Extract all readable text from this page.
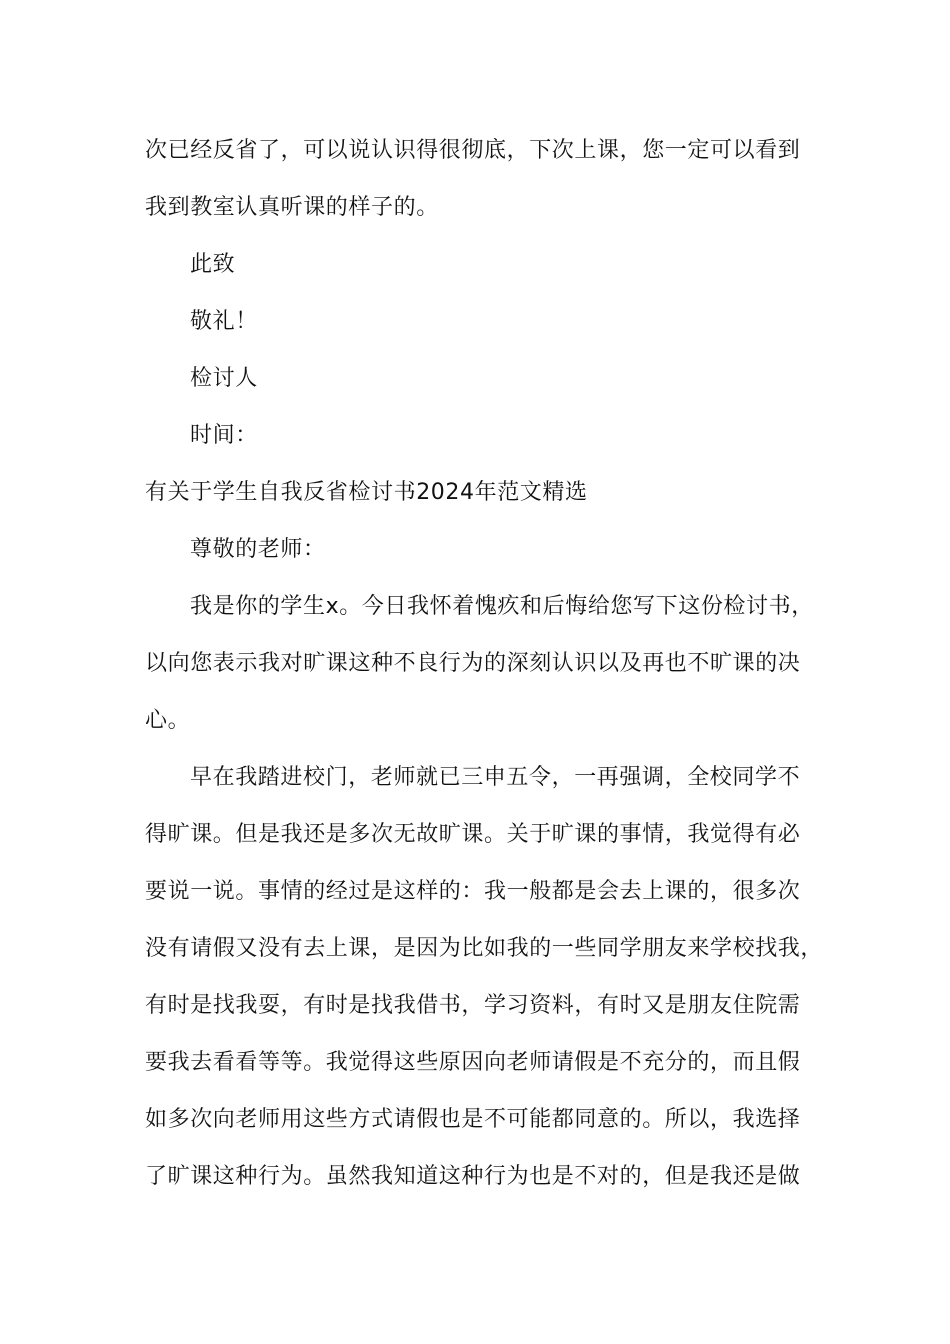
次已经反省了，可以说认识得很彻底，下次上课，您一定可以看到
我到教室认真听课的样子的。
此致
敬礼！
检讨人
时间：
有关于学生自我反省检讨书2024年范文精选
尊敬的老师：
我是你的学生x。今日我怀着愧疚和后悔给您写下这份检讨书，
以向您表示我对旷课这种不良行为的深刻认识以及再也不旷课的决
心。
早在我踏进校门，老师就已三申五令，一再强调，全校同学不
得旷课。但是我还是多次无故旷课。关于旷课的事情，我觉得有必
要说一说。事情的经过是这样的：我一般都是会去上课的，很多次
没有请假又没有去上课，是因为比如我的一些同学朋友来学校找我，
有时是找我耍，有时是找我借书，学习资料，有时又是朋友住院需
要我去看看等等。我觉得这些原因向老师请假是不充分的，而且假
如多次向老师用这些方式请假也是不可能都同意的。所以，我选择
了旷课这种行为。虽然我知道这种行为也是不对的，但是我还是做
